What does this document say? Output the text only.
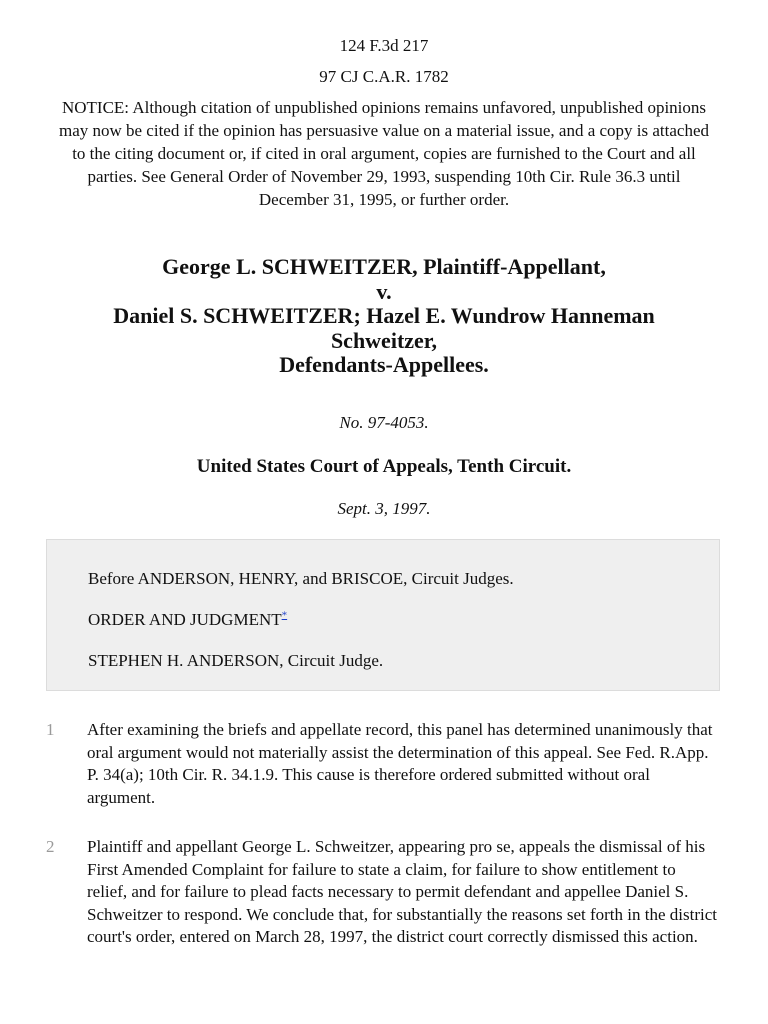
124 F.3d 217
97 CJ C.A.R. 1782
NOTICE: Although citation of unpublished opinions remains unfavored, unpublished opinions may now be cited if the opinion has persuasive value on a material issue, and a copy is attached to the citing document or, if cited in oral argument, copies are furnished to the Court and all parties. See General Order of November 29, 1993, suspending 10th Cir. Rule 36.3 until December 31, 1995, or further order.
George L. SCHWEITZER, Plaintiff-Appellant,
v.
Daniel S. SCHWEITZER; Hazel E. Wundrow Hanneman
Schweitzer,
Defendants-Appellees.
No. 97-4053.
United States Court of Appeals, Tenth Circuit.
Sept. 3, 1997.
Before ANDERSON, HENRY, and BRISCOE, Circuit Judges.
ORDER AND JUDGMENT*
STEPHEN H. ANDERSON, Circuit Judge.
1 After examining the briefs and appellate record, this panel has determined unanimously that oral argument would not materially assist the determination of this appeal. See Fed. R.App. P. 34(a); 10th Cir. R. 34.1.9. This cause is therefore ordered submitted without oral argument.
2 Plaintiff and appellant George L. Schweitzer, appearing pro se, appeals the dismissal of his First Amended Complaint for failure to state a claim, for failure to show entitlement to relief, and for failure to plead facts necessary to permit defendant and appellee Daniel S. Schweitzer to respond. We conclude that, for substantially the reasons set forth in the district court's order, entered on March 28, 1997, the district court correctly dismissed this action.
